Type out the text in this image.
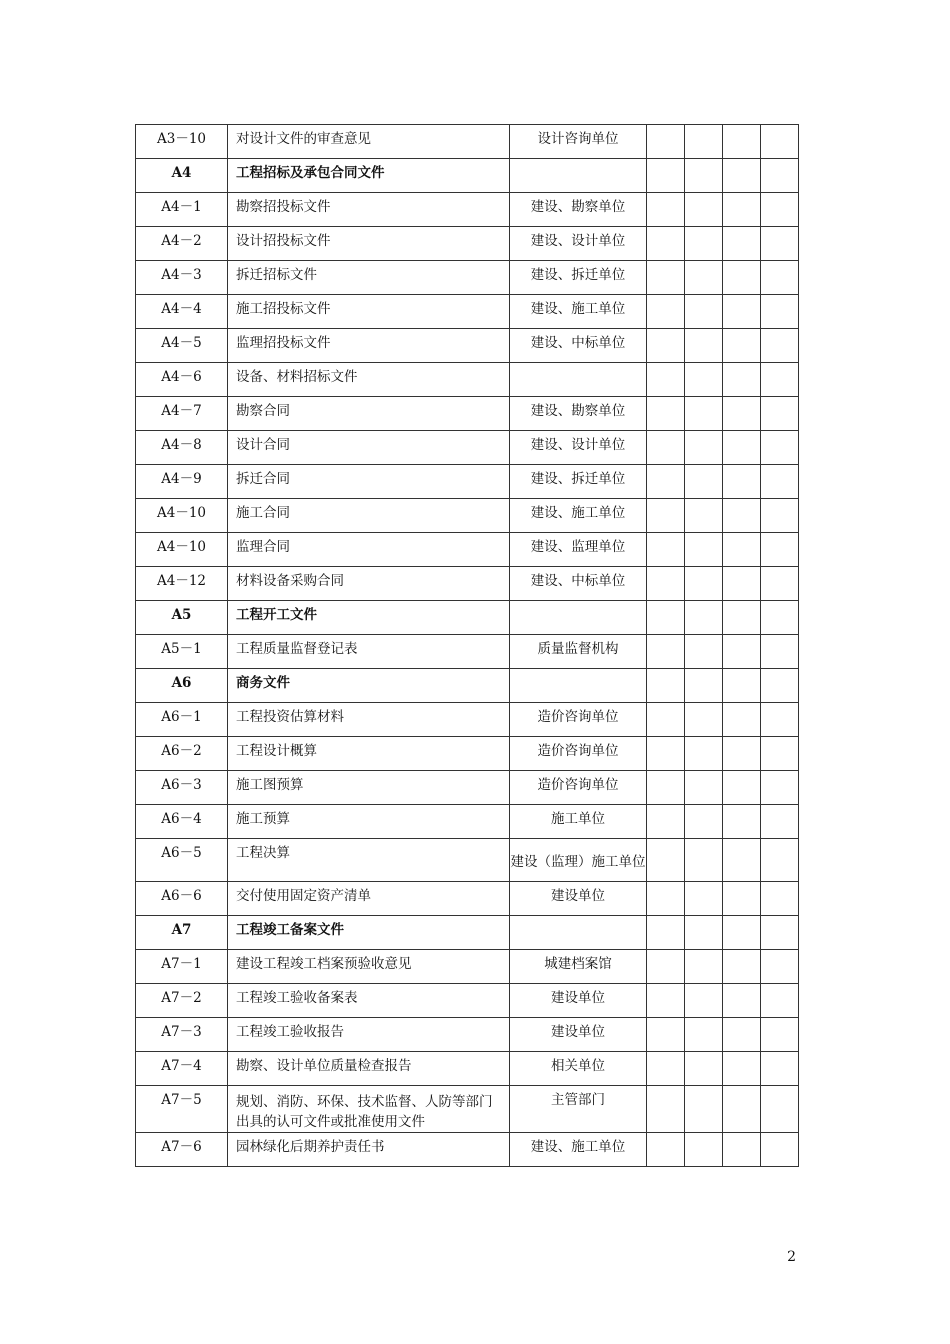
A3－10	对设计文件的审查意见	设计咨询单位				

A4	工程招标及承包合同文件					

A4－1	勘察招投标文件	建设、勘察单位				

A4－2	设计招投标文件	建设、设计单位				

A4－3	拆迁招标文件	建设、拆迁单位				

A4－4	施工招投标文件	建设、施工单位				

A4－5	监理招投标文件	建设、中标单位				

A4－6	设备、材料招标文件					

A4－7	勘察合同	建设、勘察单位				

A4－8	设计合同	建设、设计单位				

A4－9	拆迁合同	建设、拆迁单位				

A4－10	施工合同	建设、施工单位				

A4－10	监理合同	建设、监理单位				

A4－12	材料设备采购合同	建设、中标单位				

A5	工程开工文件					

A5－1	工程质量监督登记表	质量监督机构				

A6	商务文件					

A6－1	工程投资估算材料	造价咨询单位				

A6－2	工程设计概算	造价咨询单位				

A6－3	施工图预算	造价咨询单位				

A6－4	施工预算	施工单位				

A6－5	工程决算	建设（监理）施工单位				

A6－6	交付使用固定资产清单	建设单位				

A7	工程竣工备案文件					

A7－1	建设工程竣工档案预验收意见	城建档案馆				

A7－2	工程竣工验收备案表	建设单位				

A7－3	工程竣工验收报告	建设单位				

A7－4	勘察、设计单位质量检查报告	相关单位				

A7－5	规划、消防、环保、技术监督、人防等部门出具的认可文件或批准使用文件	主管部门				

A7－6	园林绿化后期养护责任书	建设、施工单位				

2
